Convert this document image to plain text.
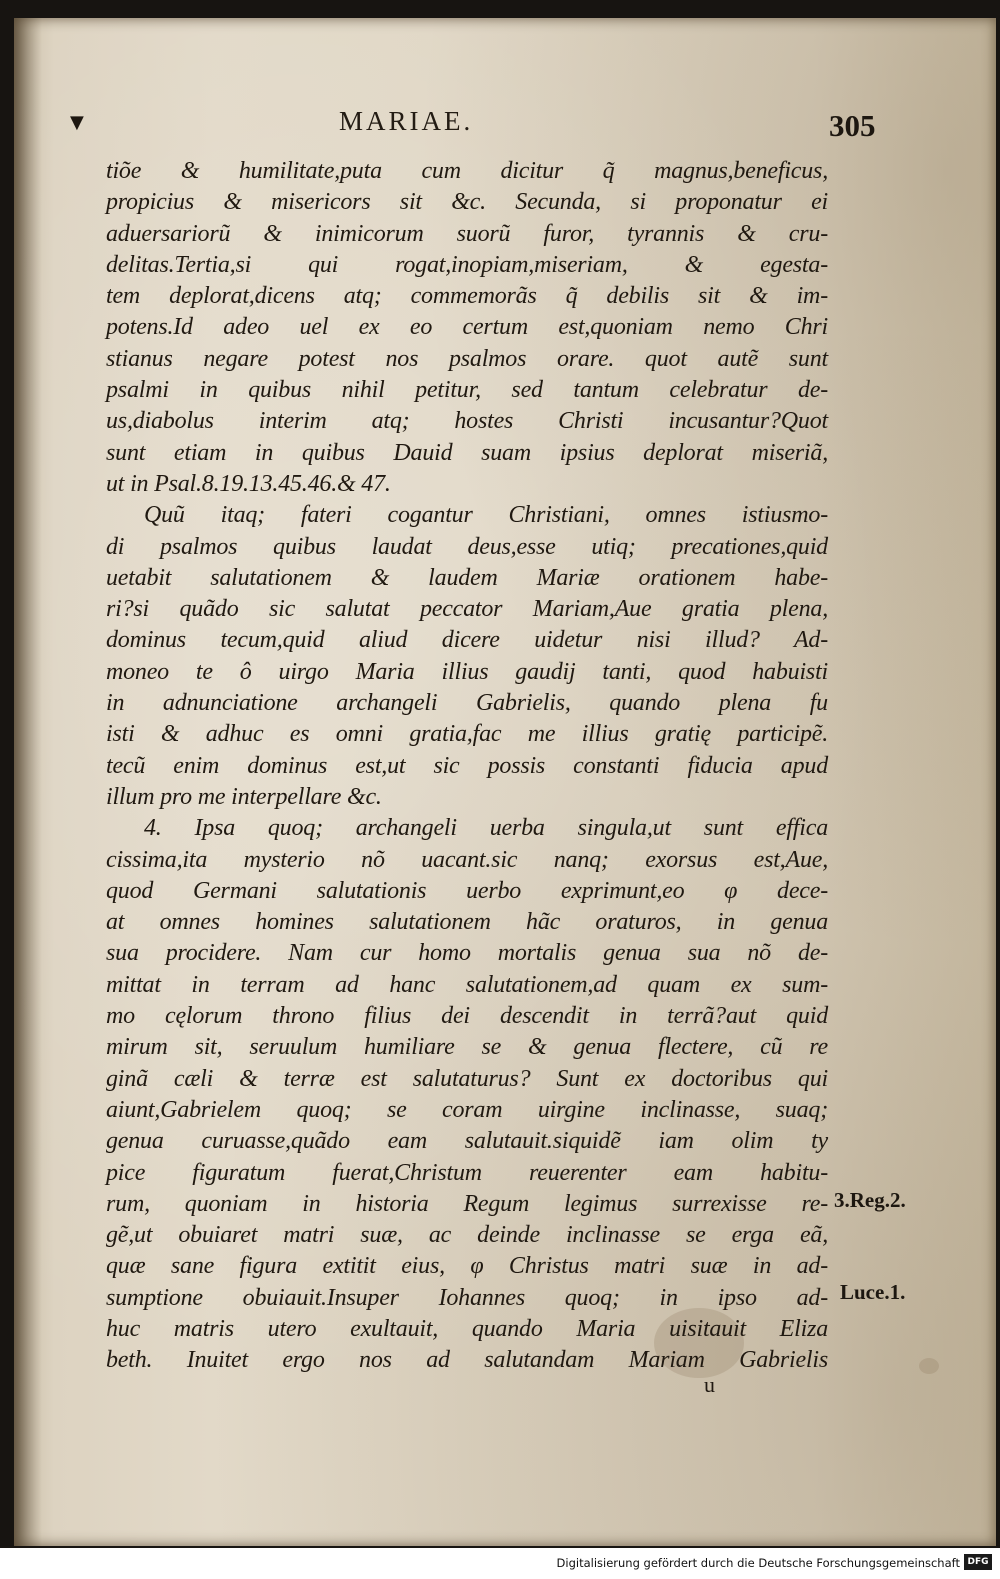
▼	MARIAE.	305
tiõe & humilitate,puta cum dicitur q̃ magnus,beneficus,
propicius & misericors sit &c. Secunda, si proponatur ei
aduersariorũ & inimicorum suorũ furor, tyrannis & cru-
delitas.Tertia,si qui rogat,inopiam,miseriam, & egesta-
tem deplorat,dicens atq; commemorãs q̃ debilis sit & im-
potens.Id adeo uel ex eo certum est,quoniam nemo Chri
stianus negare potest nos psalmos orare. quot autẽ sunt
psalmi in quibus nihil petitur, sed tantum celebratur de-
us,diabolus interim atq; hostes Christi incusantur?Quot
sunt etiam in quibus Dauid suam ipsius deplorat miseriã,
ut in Psal.8.19.13.45.46.& 47.
Quũ itaq; fateri cogantur Christiani, omnes istiusmo-
di psalmos quibus laudat deus,esse utiq; precationes,quid
uetabit salutationem & laudem Mariæ orationem habe-
ri?si quãdo sic salutat peccator Mariam,Aue gratia plena,
dominus tecum,quid aliud dicere uidetur nisi illud? Ad-
moneo te ô uirgo Maria illius gaudij tanti, quod habuisti
in adnunciatione archangeli Gabrielis, quando plena fu
isti & adhuc es omni gratia,fac me illius gratię participẽ.
tecũ enim dominus est,ut sic possis constanti fiducia apud
illum pro me interpellare &c.
4. Ipsa quoq; archangeli uerba singula,ut sunt effica
cissima,ita mysterio nõ uacant.sic nanq; exorsus est,Aue,
quod Germani salutationis uerbo exprimunt,eo φ dece-
at omnes homines salutationem hãc oraturos, in genua
sua procidere. Nam cur homo mortalis genua sua nõ de-
mittat in terram ad hanc salutationem,ad quam ex sum-
mo cęlorum throno filius dei descendit in terrã?aut quid
mirum sit, seruulum humiliare se & genua flectere, cũ re
ginã cæli & terræ est salutaturus? Sunt ex doctoribus qui
aiunt,Gabrielem quoq; se coram uirgine inclinasse, suaq;
genua curuasse,quãdo eam salutauit.siquidẽ iam olim ty
pice figuratum fuerat,Christum reuerenter eam habitu-
rum, quoniam in historia Regum legimus surrexisse re-
gẽ,ut obuiaret matri suæ, ac deinde inclinasse se erga eã,
quæ sane figura extitit eius, φ Christus matri suæ in ad-
sumptione obuiauit.Insuper Iohannes quoq; in ipso ad-
huc matris utero exultauit, quando Maria uisitauit Eliza
beth. Inuitet ergo nos ad salutandam Mariam Gabrielis
3.Reg.2.
Luce.1.
u
Digitalisierung gefördert durch die Deutsche Forschungsgemeinschaft DFG
